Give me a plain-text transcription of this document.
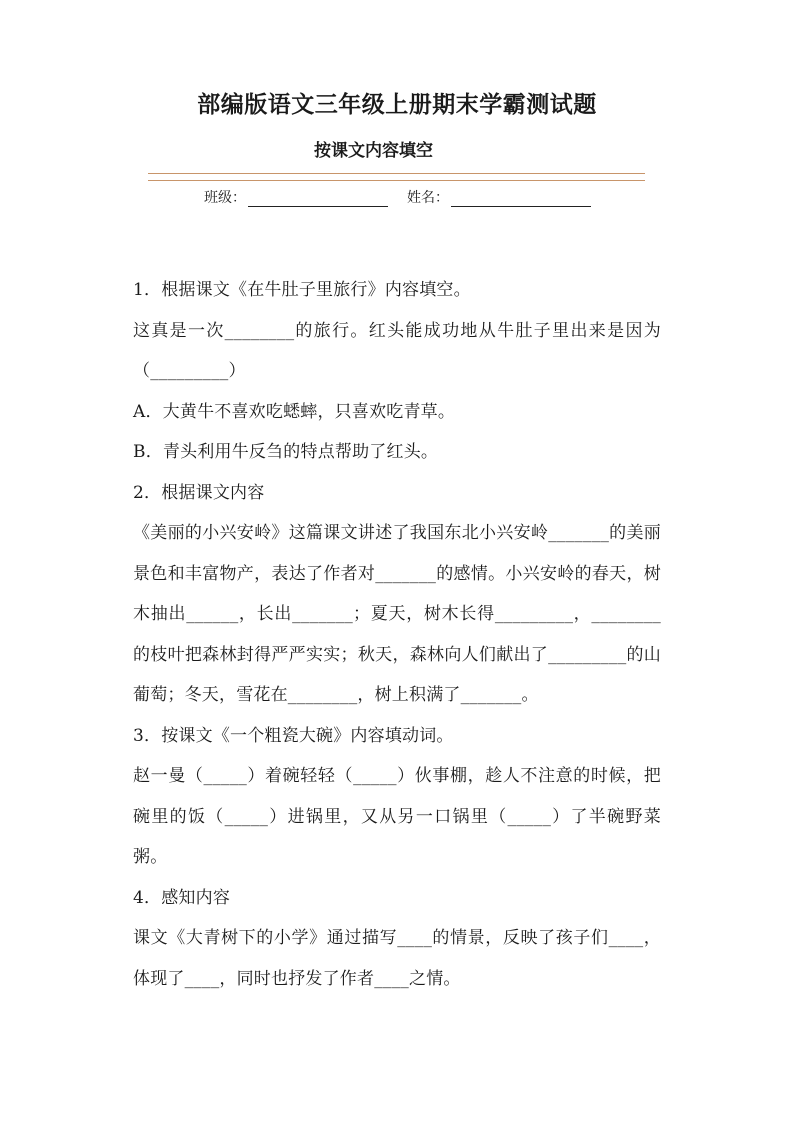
部编版语文三年级上册期末学霸测试题
按课文内容填空
班级：	姓名：

1．根据课文《在牛肚子里旅行》内容填空。

这真是一次________的旅行。红头能成功地从牛肚子里出来是因为（_________）

A．大黄牛不喜欢吃蟋蟀，只喜欢吃青草。

B．青头利用牛反刍的特点帮助了红头。

2．根据课文内容

《美丽的小兴安岭》这篇课文讲述了我国东北小兴安岭_______的美丽景色和丰富物产，表达了作者对_______的感情。小兴安岭的春天，树木抽出______，长出_______；夏天，树木长得_________，________的枝叶把森林封得严严实实；秋天，森林向人们献出了_________的山葡萄；冬天，雪花在________，树上积满了_______。

3．按课文《一个粗瓷大碗》内容填动词。

赵一曼（_____）着碗轻轻（_____）伙事棚，趁人不注意的时候，把碗里的饭（_____）进锅里，又从另一口锅里（_____）了半碗野菜粥。

4．感知内容

课文《大青树下的小学》通过描写____的情景，反映了孩子们____，体现了____，同时也抒发了作者____之情。
